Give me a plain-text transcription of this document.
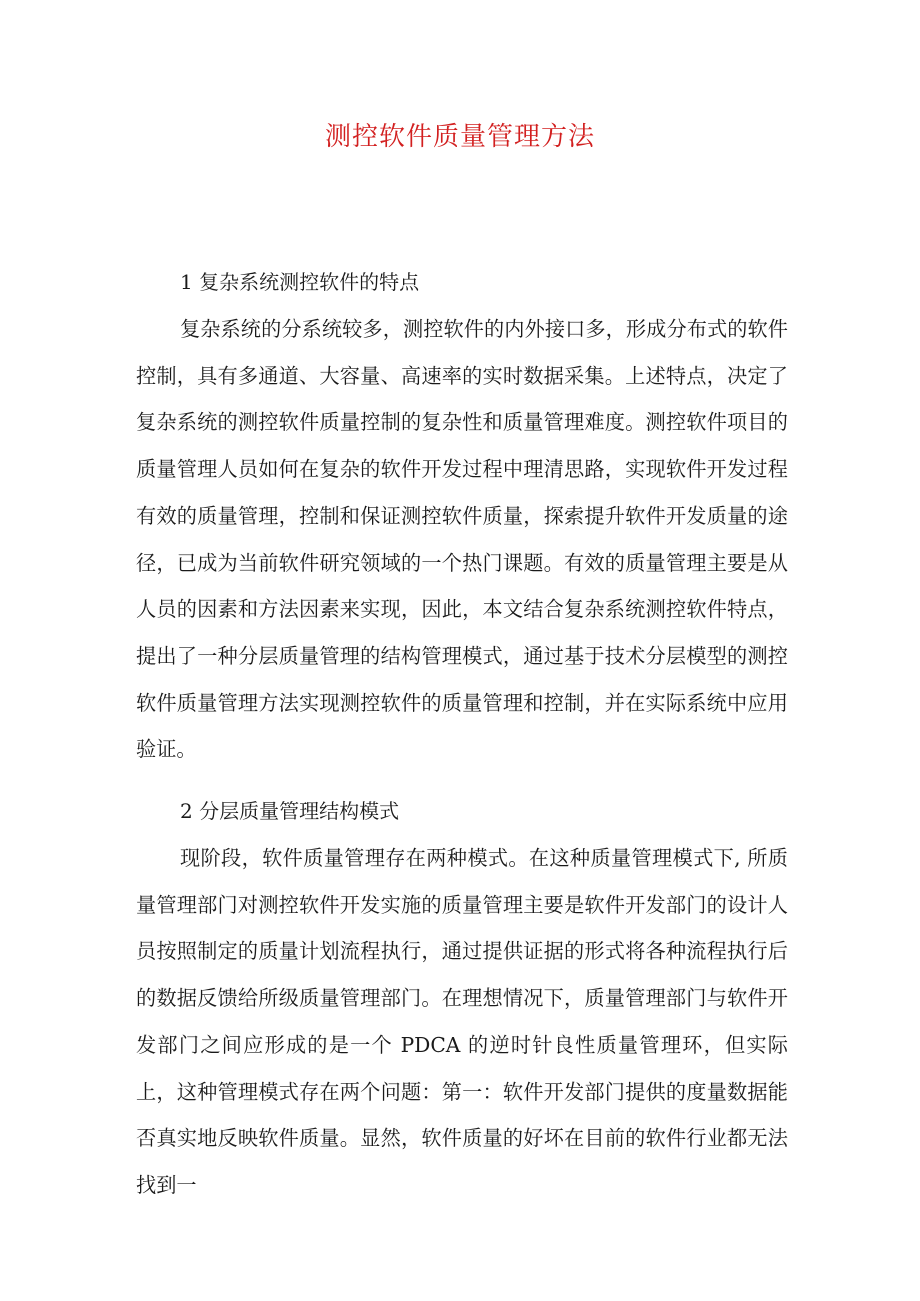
测控软件质量管理方法
1 复杂系统测控软件的特点

复杂系统的分系统较多，测控软件的内外接口多，形成分布式的软件控制，具有多通道、大容量、高速率的实时数据采集。上述特点，决定了复杂系统的测控软件质量控制的复杂性和质量管理难度。测控软件项目的质量管理人员如何在复杂的软件开发过程中理清思路，实现软件开发过程有效的质量管理，控制和保证测控软件质量，探索提升软件开发质量的途径，已成为当前软件研究领域的一个热门课题。有效的质量管理主要是从人员的因素和方法因素来实现，因此，本文结合复杂系统测控软件特点，提出了一种分层质量管理的结构管理模式，通过基于技术分层模型的测控软件质量管理方法实现测控软件的质量管理和控制，并在实际系统中应用验证。

2 分层质量管理结构模式

现阶段，软件质量管理存在两种模式。在这种质量管理模式下, 所质量管理部门对测控软件开发实施的质量管理主要是软件开发部门的设计人员按照制定的质量计划流程执行，通过提供证据的形式将各种流程执行后的数据反馈给所级质量管理部门。在理想情况下，质量管理部门与软件开发部门之间应形成的是一个 PDCA 的逆时针良性质量管理环，但实际上，这种管理模式存在两个问题：第一：软件开发部门提供的度量数据能否真实地反映软件质量。显然，软件质量的好坏在目前的软件行业都无法找到一
